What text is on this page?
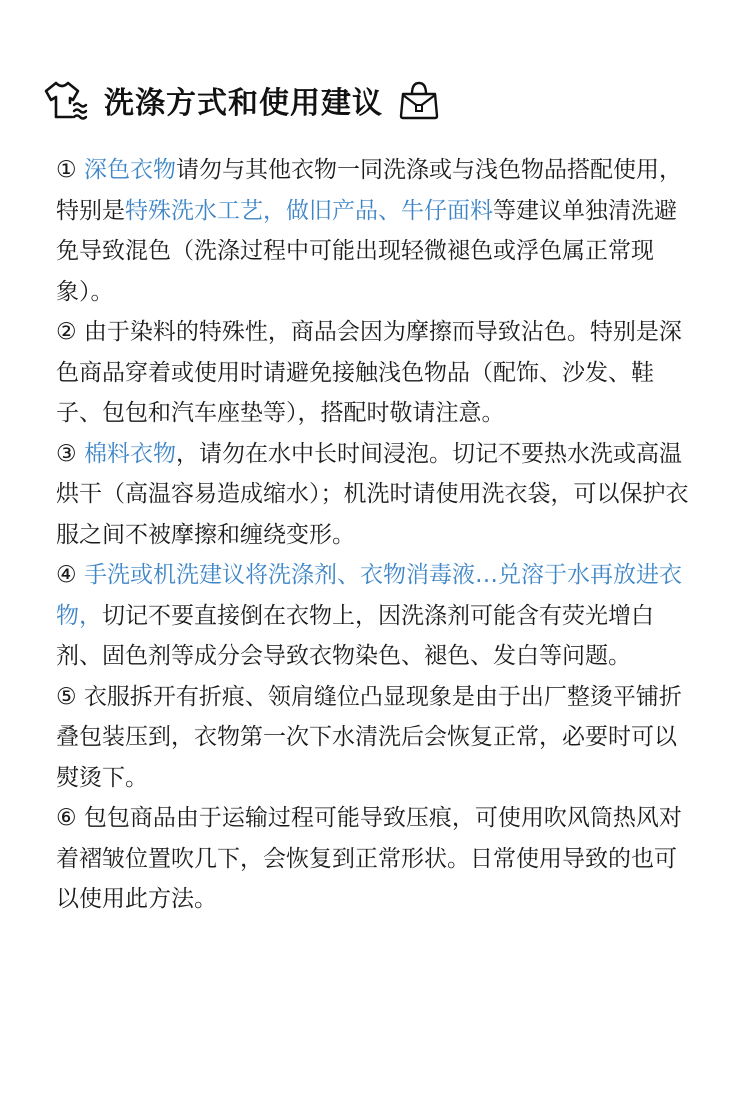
洗涤方式和使用建议

① 深色衣物请勿与其他衣物一同洗涤或与浅色物品搭配使用，特别是特殊洗水工艺，做旧产品、牛仔面料等建议单独清洗避免导致混色（洗涤过程中可能出现轻微褪色或浮色属正常现象）。

② 由于染料的特殊性，商品会因为摩擦而导致沾色。特别是深色商品穿着或使用时请避免接触浅色物品（配饰、沙发、鞋子、包包和汽车座垫等），搭配时敬请注意。

③ 棉料衣物，请勿在水中长时间浸泡。切记不要热水洗或高温烘干（高温容易造成缩水）；机洗时请使用洗衣袋，可以保护衣服之间不被摩擦和缠绕变形。

④ 手洗或机洗建议将洗涤剂、衣物消毒液…兑溶于水再放进衣物，切记不要直接倒在衣物上，因洗涤剂可能含有荧光增白剂、固色剂等成分会导致衣物染色、褪色、发白等问题。

⑤ 衣服拆开有折痕、领肩缝位凸显现象是由于出厂整烫平铺折叠包装压到，衣物第一次下水清洗后会恢复正常，必要时可以熨烫下。

⑥ 包包商品由于运输过程可能导致压痕，可使用吹风筒热风对着褶皱位置吹几下，会恢复到正常形状。日常使用导致的也可以使用此方法。
